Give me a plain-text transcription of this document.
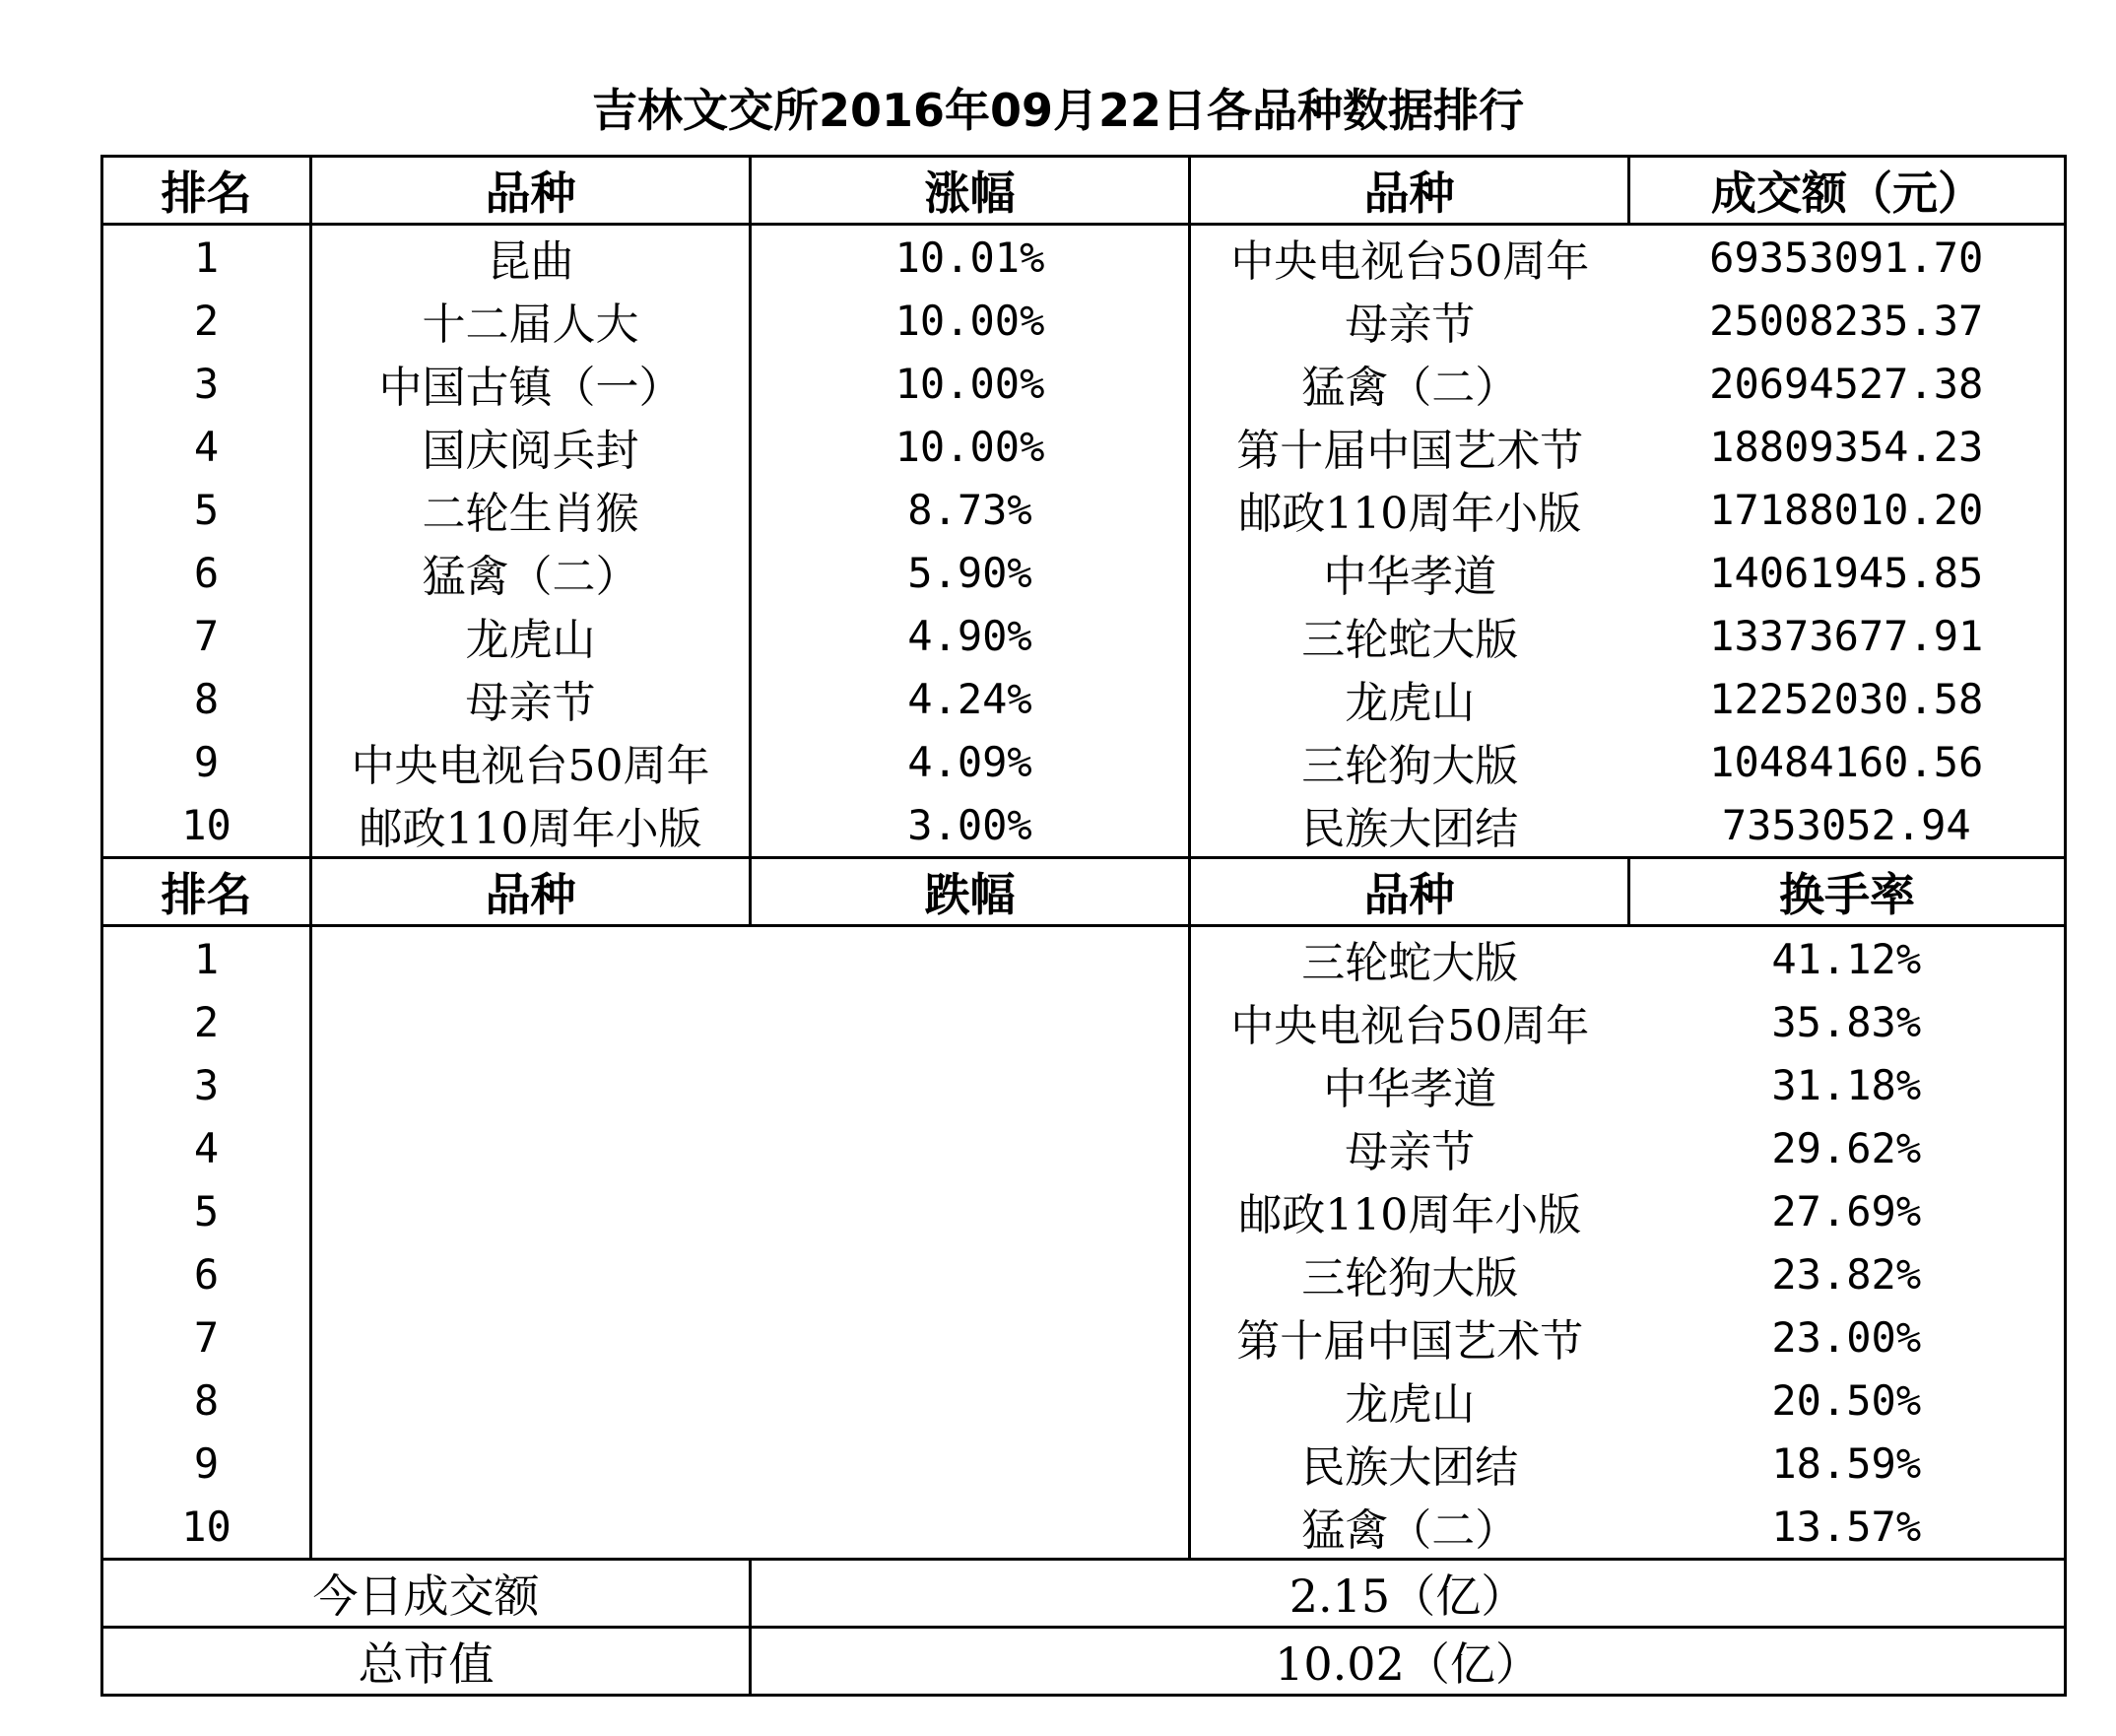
吉林文交所2016年09月22日各品种数据排行
排名	品种	涨幅	品种	成交额（元）
1	昆曲	10.01%	中央电视台50周年	69353091.70
2	十二届人大	10.00%	母亲节	25008235.37
3	中国古镇（一）	10.00%	猛禽（二）	20694527.38
4	国庆阅兵封	10.00%	第十届中国艺术节	18809354.23
5	二轮生肖猴	8.73%	邮政110周年小版	17188010.20
6	猛禽（二）	5.90%	中华孝道	14061945.85
7	龙虎山	4.90%	三轮蛇大版	13373677.91
8	母亲节	4.24%	龙虎山	12252030.58
9	中央电视台50周年	4.09%	三轮狗大版	10484160.56
10	邮政110周年小版	3.00%	民族大团结	7353052.94
排名	品种	跌幅	品种	换手率
1			三轮蛇大版	41.12%
2			中央电视台50周年	35.83%
3			中华孝道	31.18%
4			母亲节	29.62%
5			邮政110周年小版	27.69%
6			三轮狗大版	23.82%
7			第十届中国艺术节	23.00%
8			龙虎山	20.50%
9			民族大团结	18.59%
10			猛禽（二）	13.57%
今日成交额		2.15（亿）		
总市值		10.02（亿）		
